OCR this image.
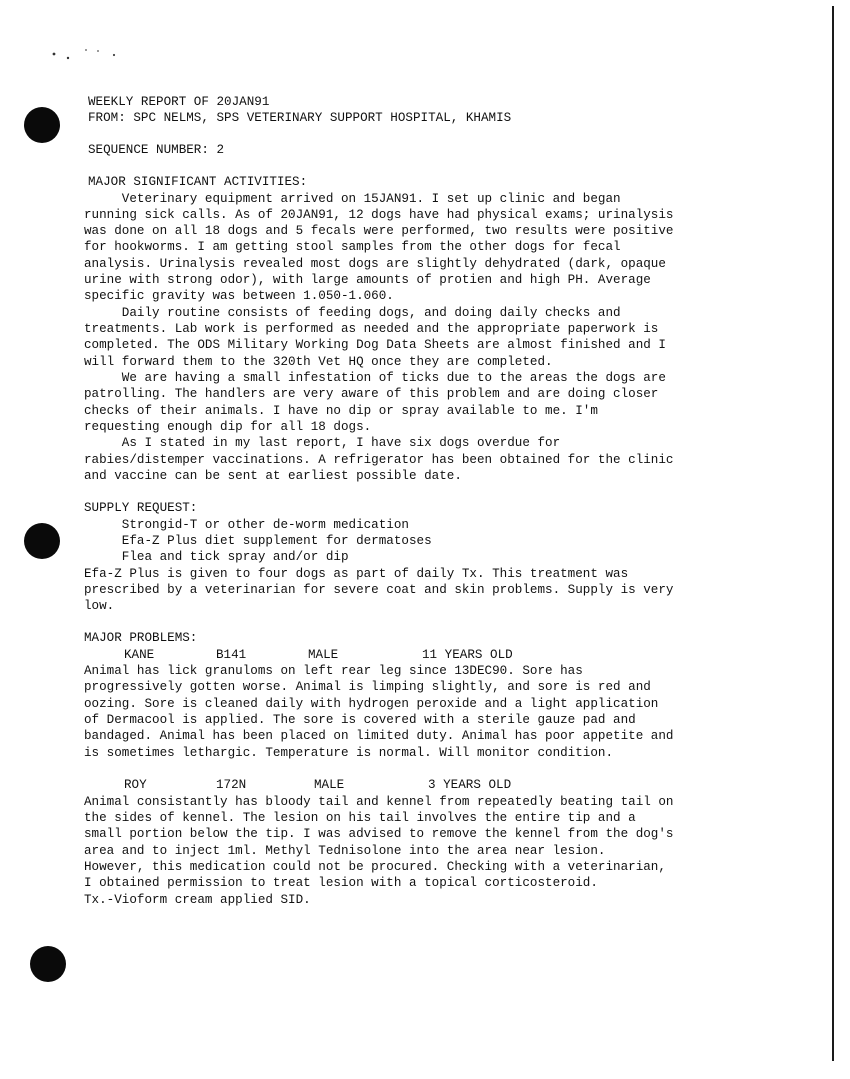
WEEKLY REPORT OF 20JAN91
FROM: SPC NELMS, SPS VETERINARY SUPPORT HOSPITAL, KHAMIS
SEQUENCE NUMBER: 2
MAJOR SIGNIFICANT ACTIVITIES:
Veterinary equipment arrived on 15JAN91. I set up clinic and began
running sick calls. As of 20JAN91, 12 dogs have had physical exams; urinalysis
was done on all 18 dogs and 5 fecals were performed, two results were positive
for hookworms. I am getting stool samples from the other dogs for fecal
analysis. Urinalysis revealed most dogs are slightly dehydrated (dark, opaque
urine with strong odor), with large amounts of protien and high PH. Average
specific gravity was between 1.050-1.060.
Daily routine consists of feeding dogs, and doing daily checks and
treatments. Lab work is performed as needed and the appropriate paperwork is
completed. The ODS Military Working Dog Data Sheets are almost finished and I
will forward them to the 320th Vet HQ once they are completed.
We are having a small infestation of ticks due to the areas the dogs are
patrolling. The handlers are very aware of this problem and are doing closer
checks of their animals. I have no dip or spray available to me. I'm
requesting enough dip for all 18 dogs.
As I stated in my last report, I have six dogs overdue for
rabies/distemper vaccinations. A refrigerator has been obtained for the clinic
and vaccine can be sent at earliest possible date.
SUPPLY REQUEST:
Strongid-T or other de-worm medication
Efa-Z Plus diet supplement for dermatoses
Flea and tick spray and/or dip
Efa-Z Plus is given to four dogs as part of daily Tx. This treatment was
prescribed by a veterinarian for severe coat and skin problems. Supply is very
low.
MAJOR PROBLEMS:
KANE	B141	MALE	11 YEARS OLD
Animal has lick granuloms on left rear leg since 13DEC90. Sore has
progressively gotten worse. Animal is limping slightly, and sore is red and
oozing. Sore is cleaned daily with hydrogen peroxide and a light application
of Dermacool is applied. The sore is covered with a sterile gauze pad and
bandaged. Animal has been placed on limited duty. Animal has poor appetite and
is sometimes lethargic. Temperature is normal. Will monitor condition.
ROY	172N	MALE	3 YEARS OLD
Animal consistantly has bloody tail and kennel from repeatedly beating tail on
the sides of kennel. The lesion on his tail involves the entire tip and a
small portion below the tip. I was advised to remove the kennel from the dog's
area and to inject 1ml. Methyl Tednisolone into the area near lesion.
However, this medication could not be procured. Checking with a veterinarian,
I obtained permission to treat lesion with a topical corticosteroid.
Tx.-Vioform cream applied SID.
